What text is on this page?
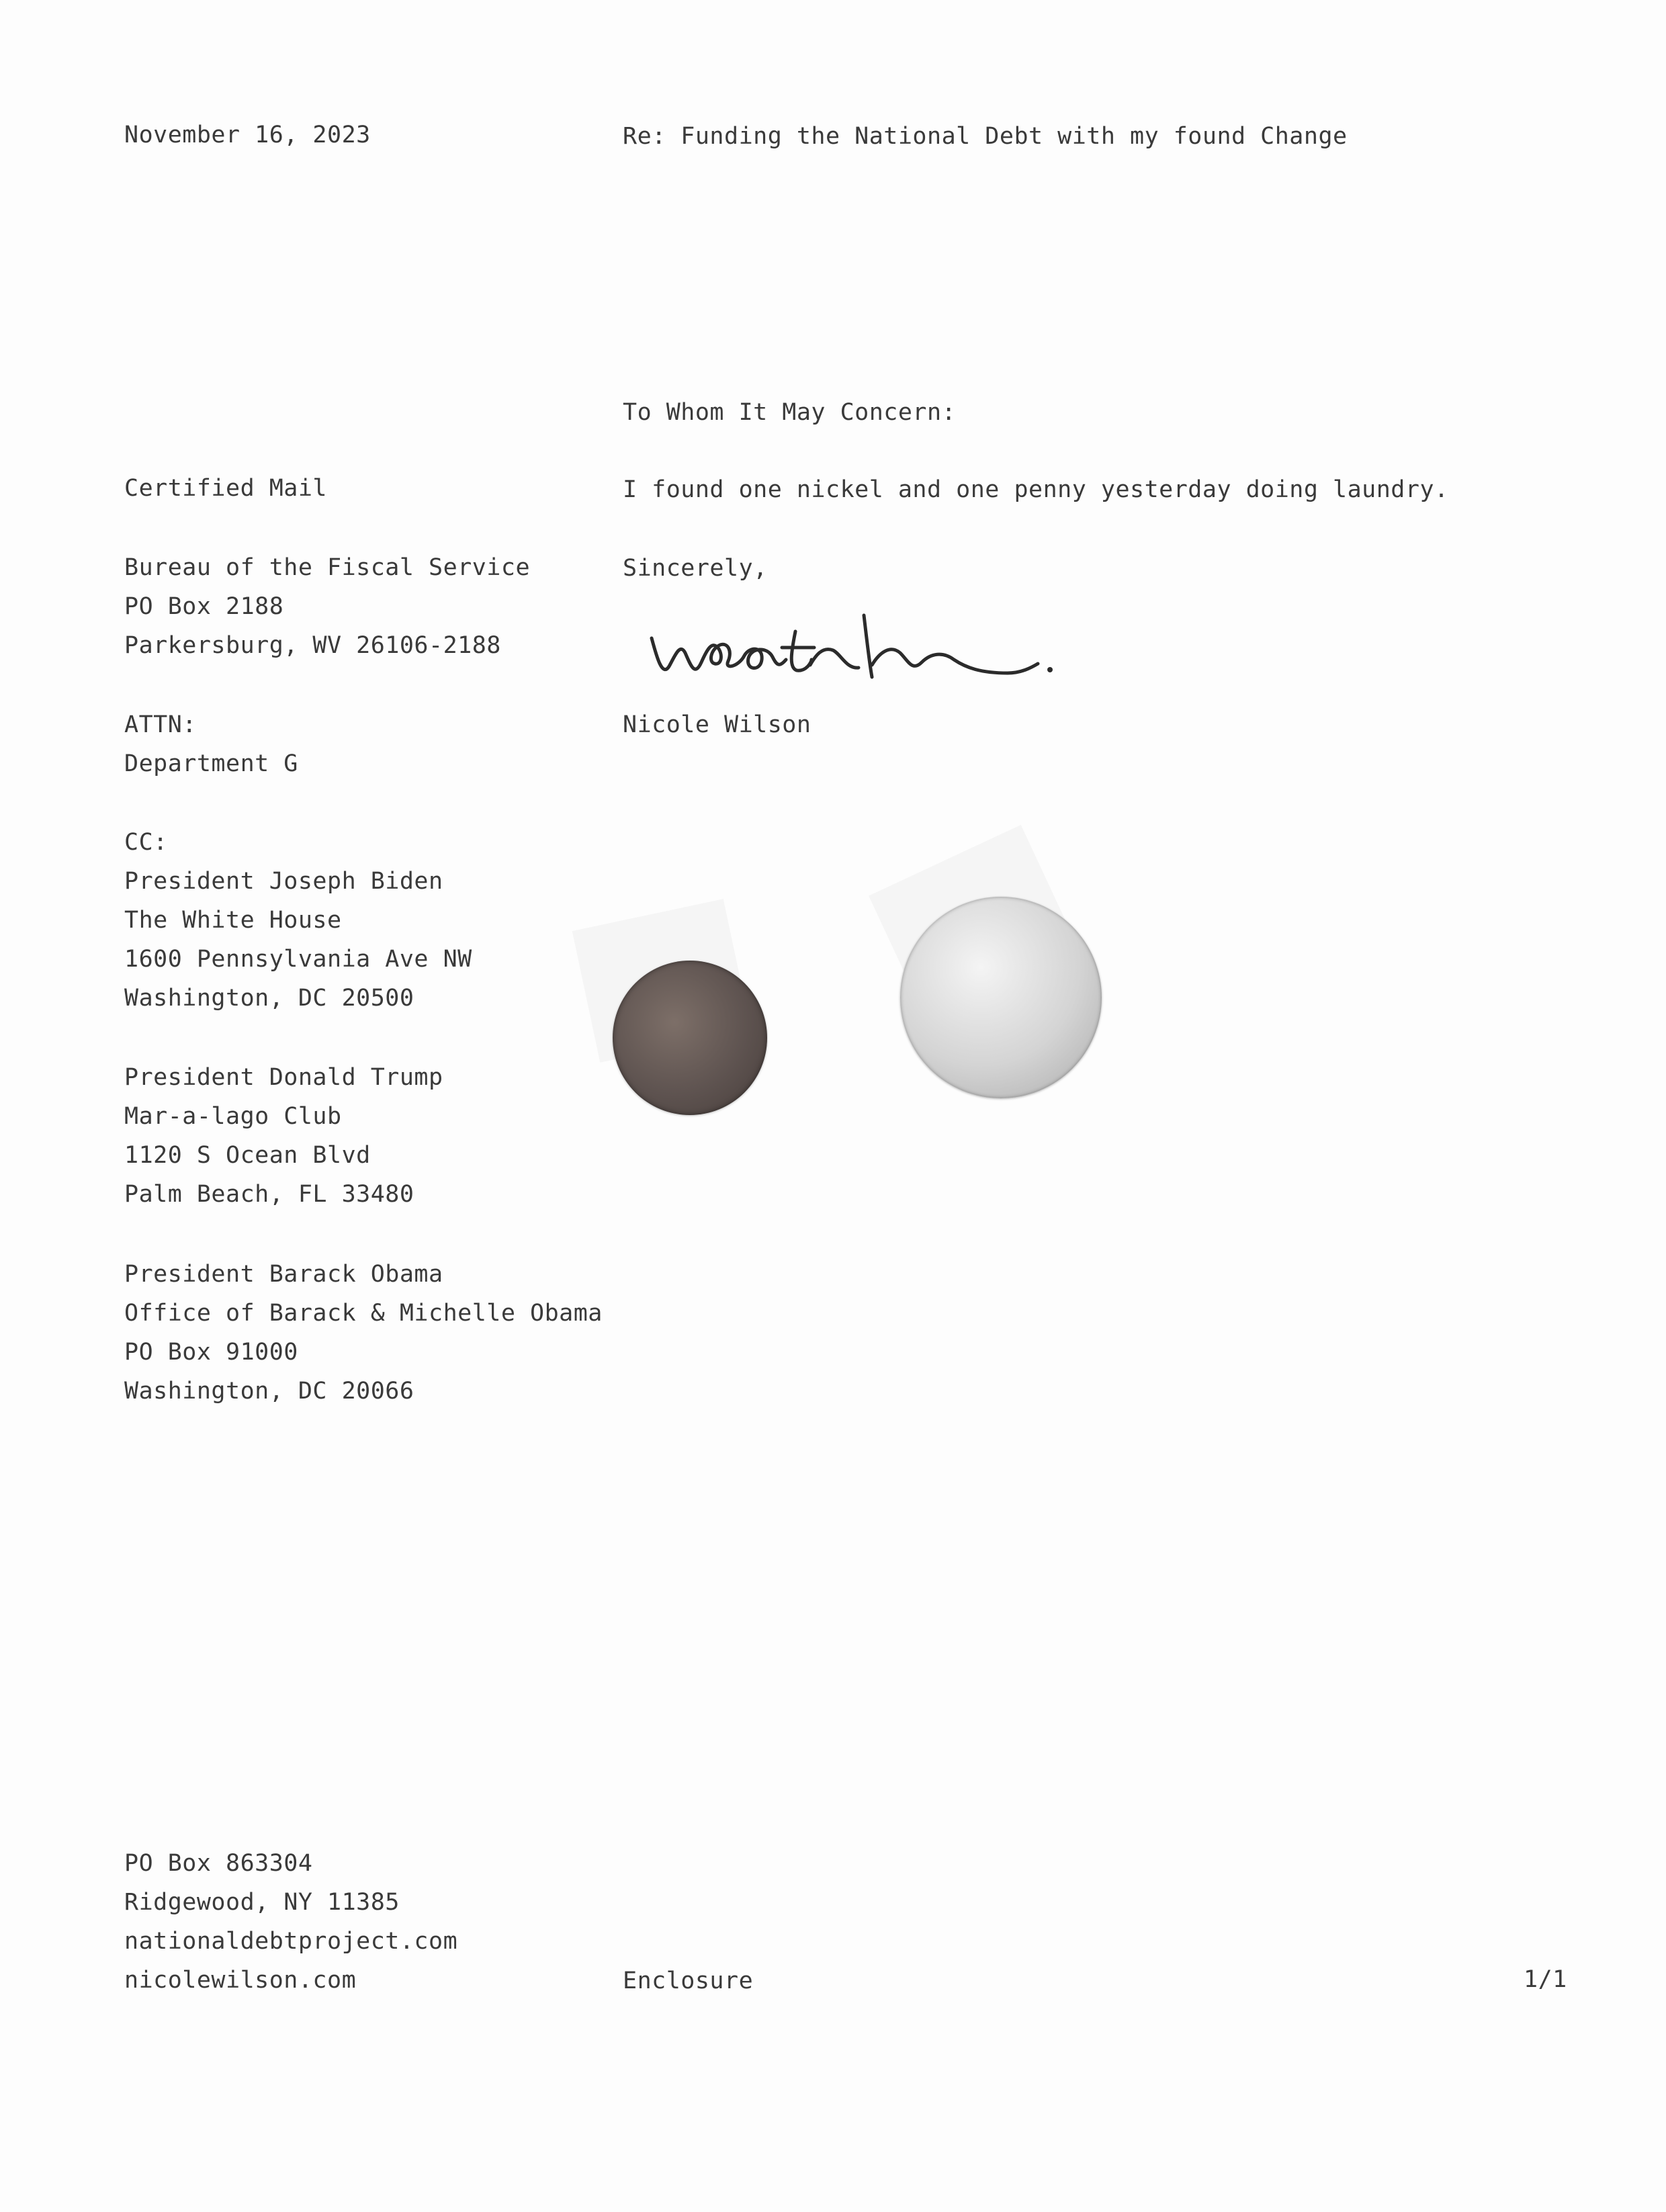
November 16, 2023	Re: Funding the National Debt with my found Change
To Whom It May Concern:
I found one nickel and one penny yesterday doing laundry.
Sincerely,
Nicole Wilson
Certified Mail
Bureau of the Fiscal Service
PO Box 2188
Parkersburg, WV 26106-2188
ATTN:
Department G
CC:
President Joseph Biden
The White House
1600 Pennsylvania Ave NW
Washington, DC 20500
President Donald Trump
Mar-a-lago Club
1120 S Ocean Blvd
Palm Beach, FL 33480
President Barack Obama
Office of Barack & Michelle Obama
PO Box 91000
Washington, DC 20066
PO Box 863304
Ridgewood, NY 11385
nationaldebtproject.com
nicolewilson.com	Enclosure	1/1
